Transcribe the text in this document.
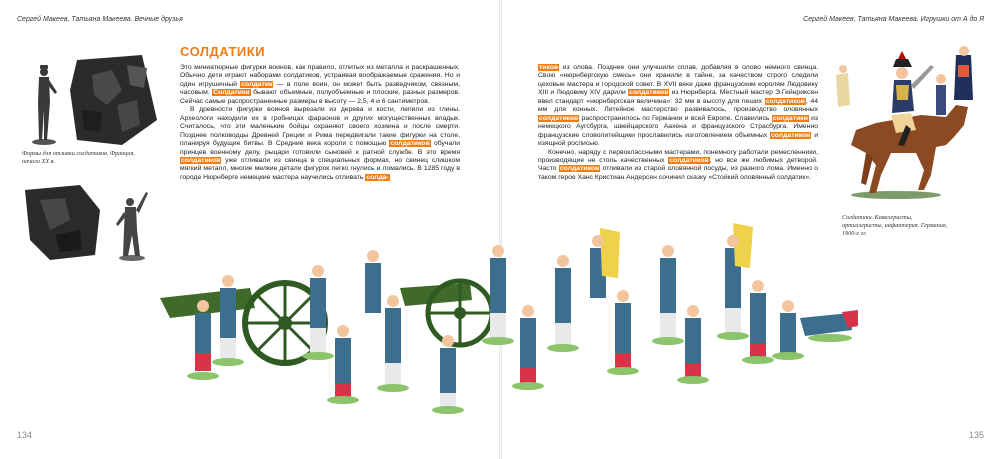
Сергей Макеев, Татьяна Макеева. Вечные друзья	Сергей Макеев, Татьяна Макеева. Игрушки от А до Я
Формы для отливки солдатиков. Франция, начало XX в.
СОЛДАТИКИ

Это миниатюрные фигурки воинов, как правило, отлитых из металла и раскрашенных. Обычно дети играют наборами солдатиков, устраивая воображаемые сражения. Но и один игрушечный солдатик — в поле воин, он может быть разведчиком, связным, часовым. Солдатики бывают объемные, полуобъемные и плоские, разных размеров. Сейчас самые распространенные размеры в высоту — 2,5, 4 и 6 сантиметров.

В древности фигурки воинов вырезали из дерева и кости, лепили из глины. Археологи находили их в гробницах фараонов и других могущественных владык. Считалось, что эти маленькие бойцы охраняют своего хозяина и после смерти. Позднее полководцы Древней Греции и Рима передвигали такие фигурки на столе, планируя будущие битвы. В Средние века короли с помощью солдатиков обучали принцев военному делу, рыцари готовили сыновей к ратной службе. В это время солдатиков уже отливали из свинца в специальных формах, но свинец слишком мягкий металл, многие мелкие детали фигурок легко гнулись и ломались. В 1285 году в городе Нюрнберге немецкие мастера научились отливать солда-

тиков из олова. Позднее они улучшили сплав, добавляя в олово немного свинца. Свою «нюрнбергскую смесь» они хранили в тайне, за качеством строго следили цеховые мастера и городской совет. В XVII веке даже французским королям Людовику XIII и Людовику XIV дарили солдатиков из Нюрнберга. Местный мастер Э.Гейнриксен ввел стандарт «нюрнбергская величина»: 32 мм в высоту для пеших солдатиков, 44 мм для конных. Литейное мастерство развивалось, производство оловянных солдатиков распространилось по Германии и всей Европе. Славились солдатики из немецкого Аугсбурга, швейцарского Аахена и французского Страсбурга. Именно французские словолитейщики прославились изготовлением объемных солдатиков и изящной росписью.

Конечно, наряду с первоклассными мастерами, понемногу работали ремесленники, производящие не столь качественных солдатиков, но все же любимых детворой. Часто солдатиков отливали из старой оловянной посуды, из разного лома. Именно о таком герое Ханс Кристиан Андерсен сочинил сказку «Стойкий оловянный солдатик».

Солдатики. Кавалеристы, артиллеристы, инфантерия. Германия, 1900-е гг.
134	135
